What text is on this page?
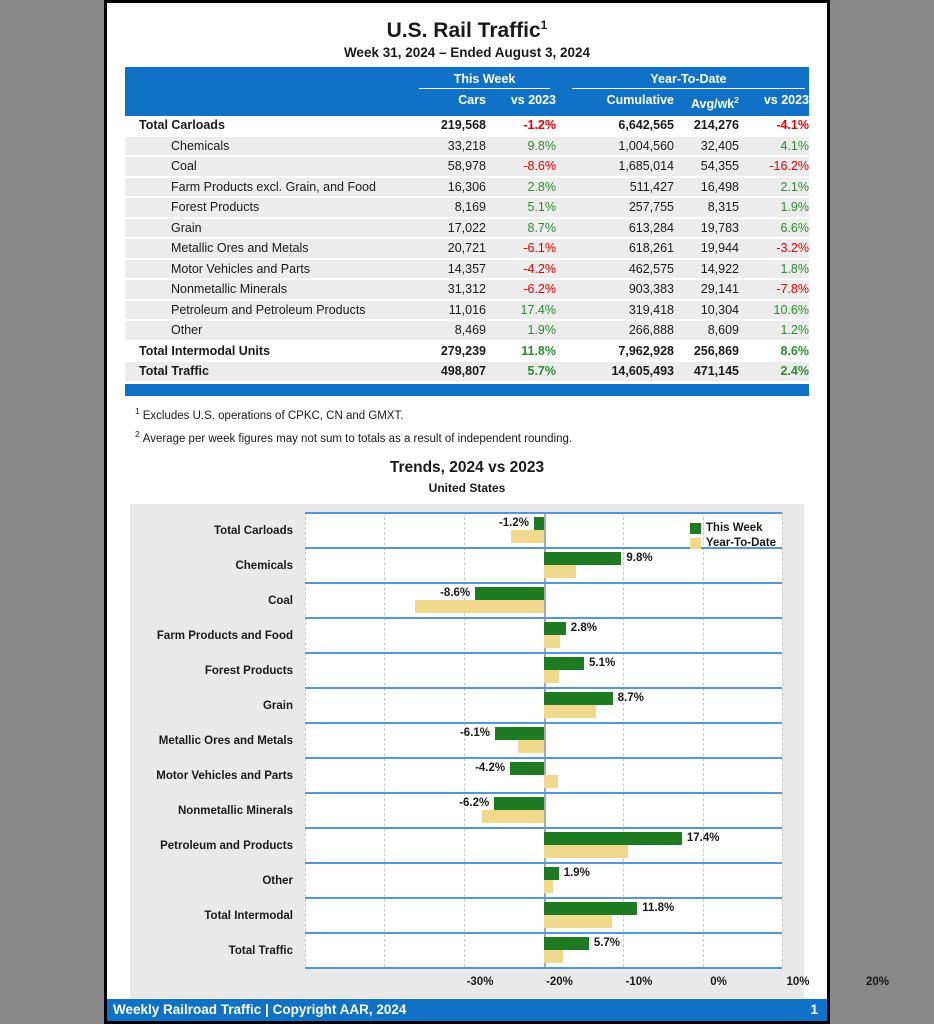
U.S. Rail Traffic$^1$
Week 31, 2024 – Ended August 3, 2024
This Week	Year-To-Date
Cars	vs 2023	Cumulative	Avg/$wk^2$	vs 2023
Total Carloads	219,568	-1.2%	6,642,565	214,276	-4.1%
Chemicals	33,218	9.8%	1,004,560	32,405	4.1%
Coal	58,978	-8.6%	1,685,014	54,355	-16.2%
Farm Products excl. Grain, and Food	16,306	2.8%	511,427	16,498	2.1%
Forest Products	8,169	5.1%	257,755	8,315	1.9%
Grain	17,022	8.7%	613,284	19,783	6.6%
Metallic Ores and Metals	20,721	-6.1%	618,261	19,944	-3.2%
Motor Vehicles and Parts	14,357	-4.2%	462,575	14,922	1.8%
Nonmetallic Minerals	31,312	-6.2%	903,383	29,141	-7.8%
Petroleum and Petroleum Products	11,016	17.4%	319,418	10,304	10.6%
Other	8,469	1.9%	266,888	8,609	1.2%
Total Intermodal Units	279,239	11.8%	7,962,928	256,869	8.6%
Total Traffic	498,807	5.7%	14,605,493	471,145	2.4%
$^1$ Excludes U.S. operations of CPKC, CN and GMXT.
$^2$ Average per week figures may not sum to totals as a result of independent rounding.
Trends, 2024 vs 2023
United States
This Week
Year-To-Date
Total Carloads
-1.2%
Chemicals
9.8%
Coal
-8.6%
Farm Products and Food
2.8%
Forest Products
5.1%
Grain
8.7%
Metallic Ores and Metals
-6.1%
Motor Vehicles and Parts
-4.2%
Nonmetallic Minerals
-6.2%
Petroleum and Products
17.4%
Other
1.9%
Total Intermodal
11.8%
Total Traffic
5.7%
-30%	-20%	-10%	0%	10%	20%
Weekly Railroad Traffic | Copyright AAR, 2024	1
